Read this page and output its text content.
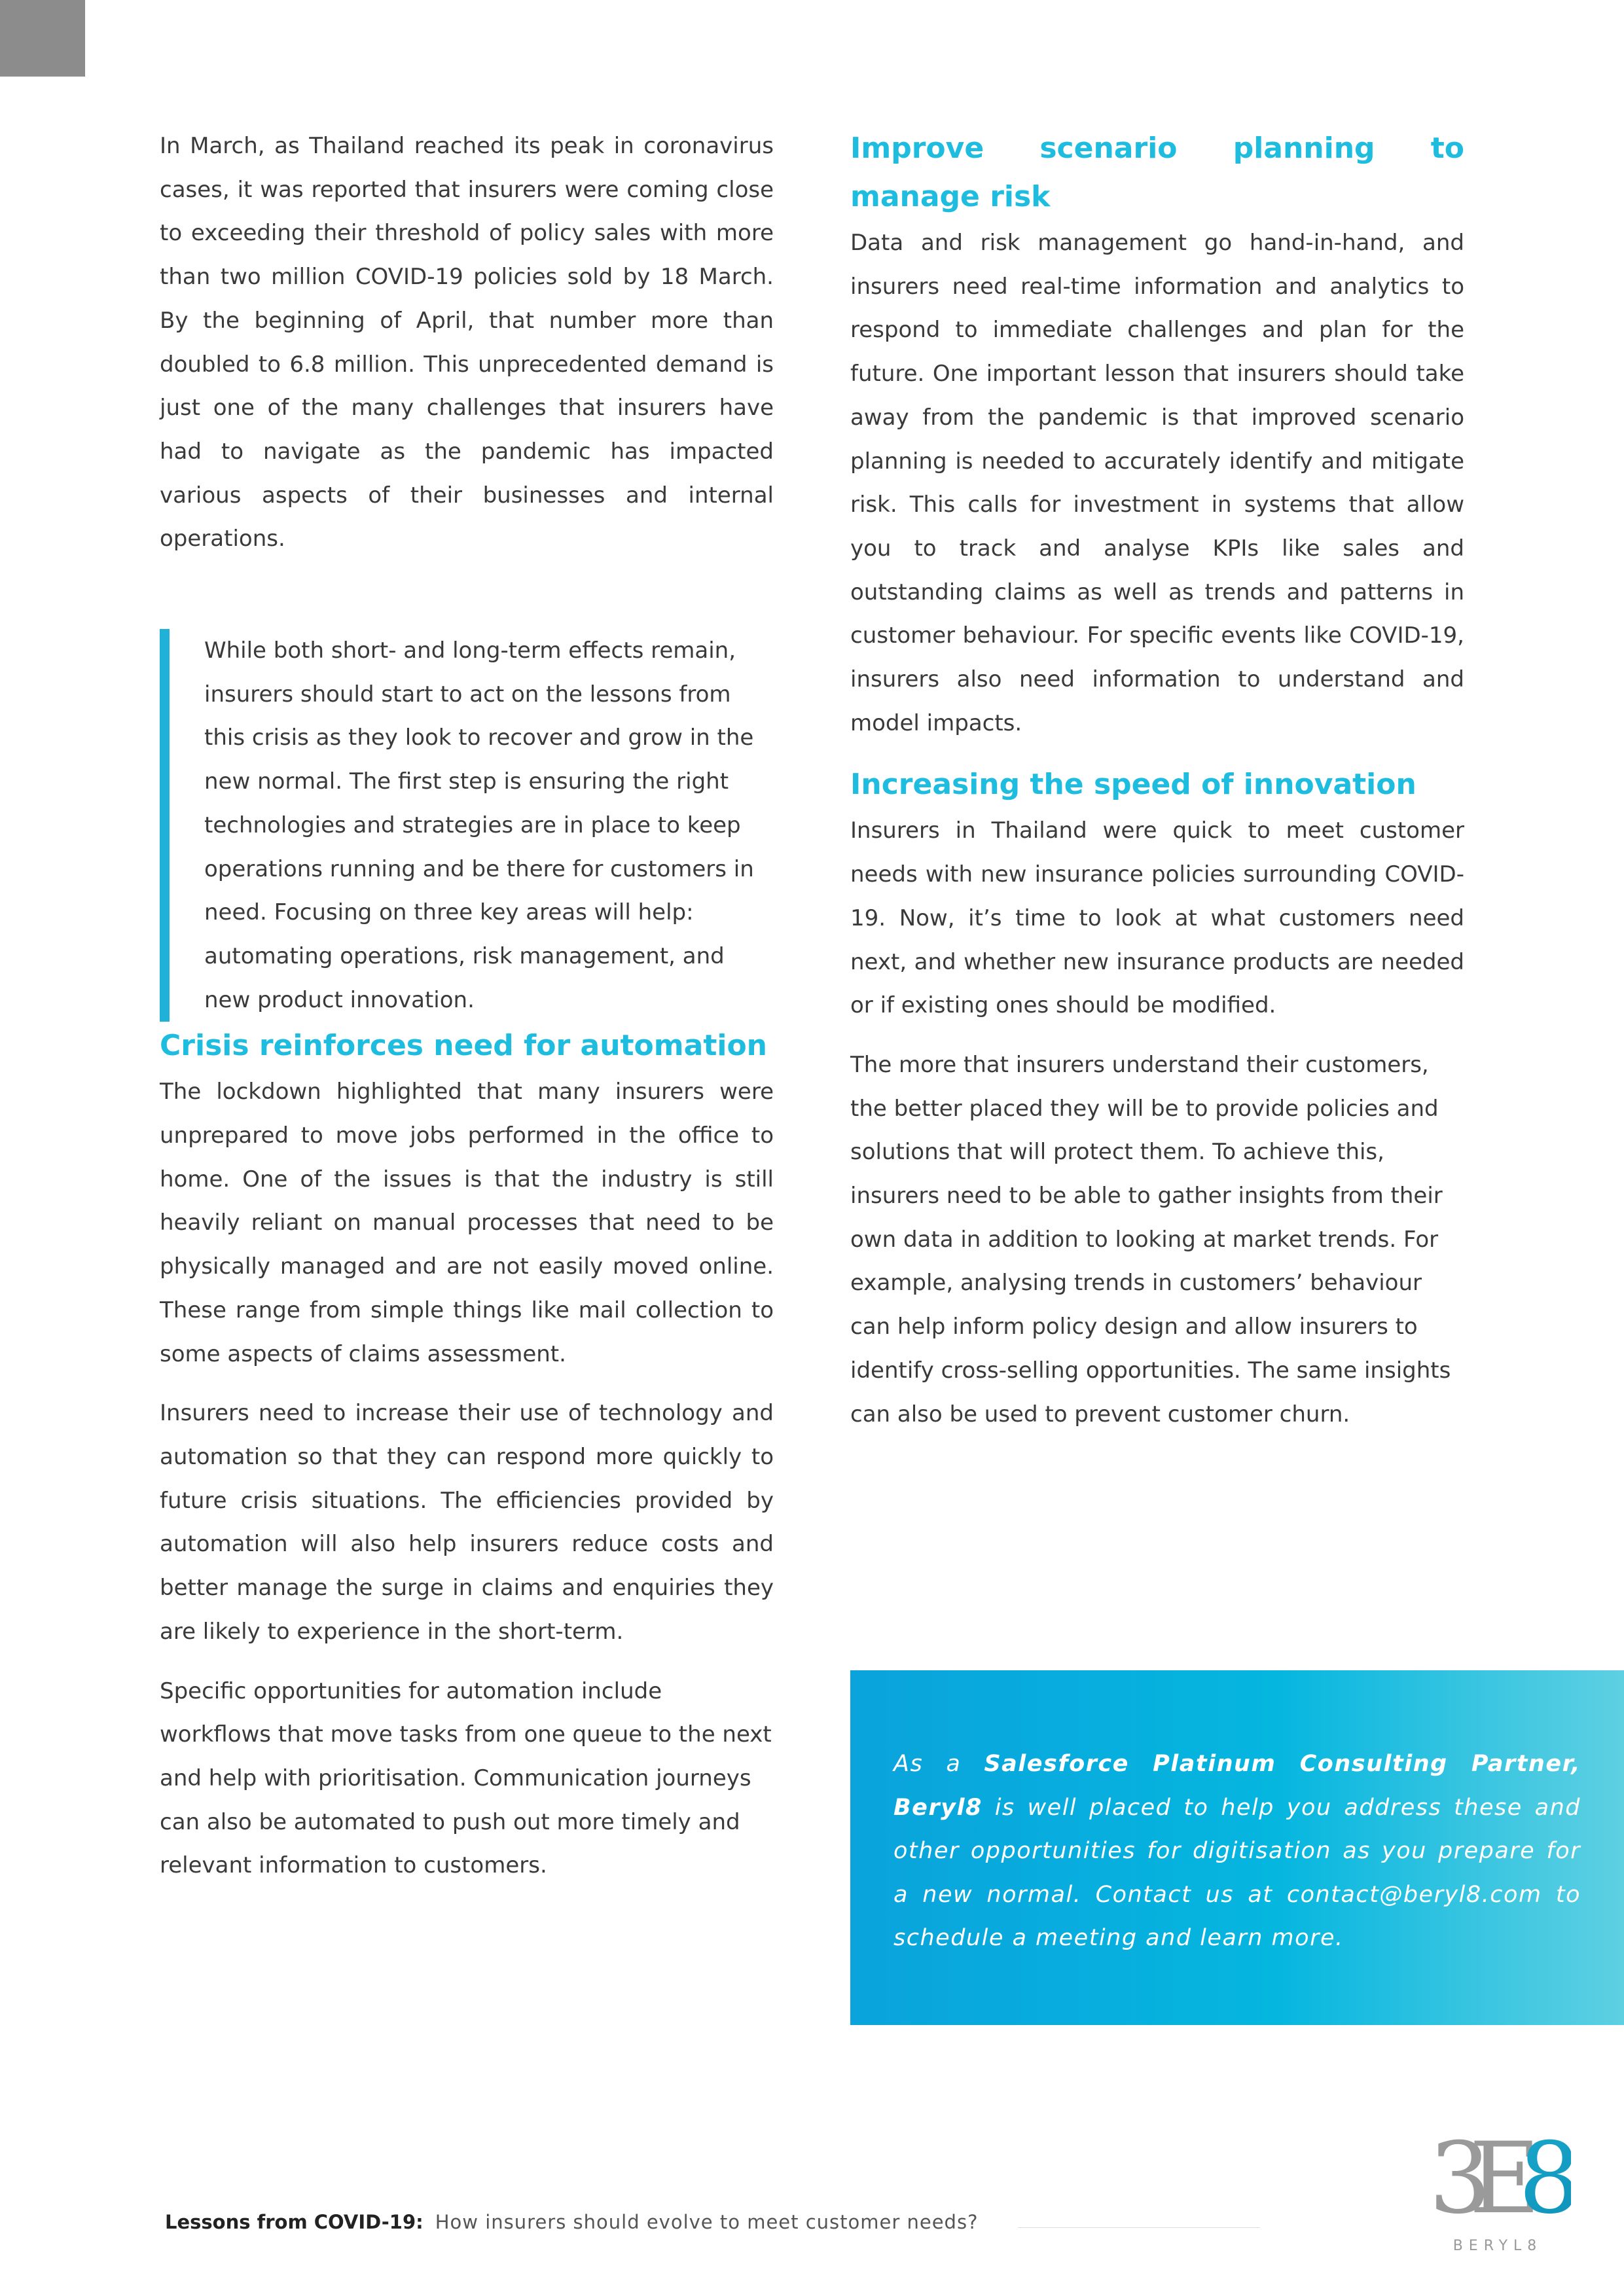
In March, as Thailand reached its peak in coronavirus cases, it was reported that insurers were coming close to exceeding their threshold of policy sales with more than two million COVID-19 policies sold by 18 March. By the beginning of April, that number more than doubled to 6.8 million. This unprecedented demand is just one of the many challenges that insurers have had to navigate as the pandemic has impacted various aspects of their businesses and internal operations.

While both short- and long-term effects remain, insurers should start to act on the lessons from this crisis as they look to recover and grow in the new normal. The first step is ensuring the right technologies and strategies are in place to keep operations running and be there for customers in need. Focusing on three key areas will help: automating operations, risk management, and new product innovation.

Crisis reinforces need for automation

The lockdown highlighted that many insurers were unprepared to move jobs performed in the office to home. One of the issues is that the industry is still heavily reliant on manual processes that need to be physically managed and are not easily moved online. These range from simple things like mail collection to some aspects of claims assessment.

Insurers need to increase their use of technology and automation so that they can respond more quickly to future crisis situations. The efficiencies provided by automation will also help insurers reduce costs and better manage the surge in claims and enquiries they are likely to experience in the short-term.

Specific opportunities for automation include workflows that move tasks from one queue to the next and help with prioritisation. Communication journeys can also be automated to push out more timely and relevant information to customers.

Improve scenario planning to manage risk

Data and risk management go hand-in-hand, and insurers need real-time information and analytics to respond to immediate challenges and plan for the future. One important lesson that insurers should take away from the pandemic is that improved scenario planning is needed to accurately identify and mitigate risk. This calls for investment in systems that allow you to track and analyse KPIs like sales and outstanding claims as well as trends and patterns in customer behaviour. For specific events like COVID-19, insurers also need information to understand and model impacts.

Increasing the speed of innovation

Insurers in Thailand were quick to meet customer needs with new insurance policies surrounding COVID-19. Now, it’s time to look at what customers need next, and whether new insurance products are needed or if existing ones should be modified.

The more that insurers understand their customers, the better placed they will be to provide policies and solutions that will protect them. To achieve this, insurers need to be able to gather insights from their own data in addition to looking at market trends. For example, analysing trends in customers’ behaviour can help inform policy design and allow insurers to identify cross-selling opportunities. The same insights can also be used to prevent customer churn.

As a Salesforce Platinum Consulting Partner, Beryl8 is well placed to help you address these and other opportunities for digitisation as you prepare for a new normal. Contact us at contact@beryl8.com to schedule a meeting and learn more.

Lessons from COVID-19: How insurers should evolve to meet customer needs?	3E8
BERYL8
